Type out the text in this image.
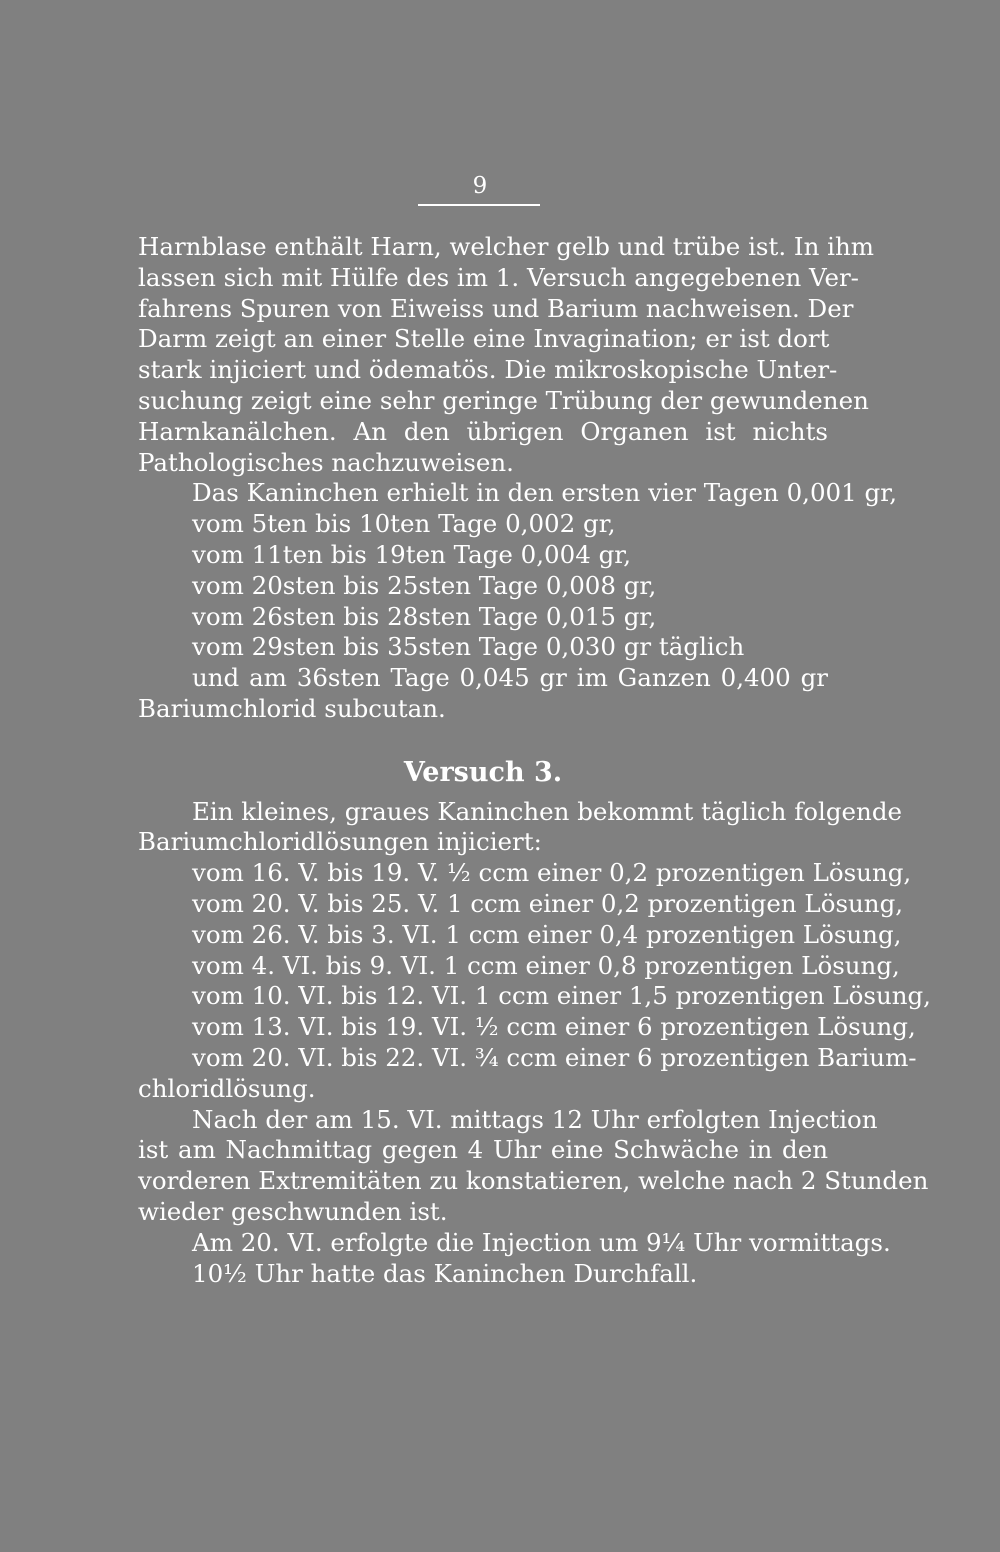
9
Harnblase enthält Harn, welcher gelb und trübe ist. In ihm
lassen sich mit Hülfe des im 1. Versuch angegebenen Ver-
fahrens Spuren von Eiweiss und Barium nachweisen. Der
Darm zeigt an einer Stelle eine Invagination; er ist dort
stark injiciert und ödematös. Die mikroskopische Unter-
suchung zeigt eine sehr geringe Trübung der gewundenen
Harnkanälchen. An den übrigen Organen ist nichts
Pathologisches nachzuweisen.
Das Kaninchen erhielt in den ersten vier Tagen 0,001 gr,
vom 5ten bis 10ten Tage 0,002 gr,
vom 11ten bis 19ten Tage 0,004 gr,
vom 20sten bis 25sten Tage 0,008 gr,
vom 26sten bis 28sten Tage 0,015 gr,
vom 29sten bis 35sten Tage 0,030 gr täglich
und am 36sten Tage 0,045 gr im Ganzen 0,400 gr
Bariumchlorid subcutan.
Versuch 3.
Ein kleines, graues Kaninchen bekommt täglich folgende
Bariumchloridlösungen injiciert:
vom 16. V. bis 19. V. ½ ccm einer 0,2 prozentigen Lösung,
vom 20. V. bis 25. V. 1 ccm einer 0,2 prozentigen Lösung,
vom 26. V. bis 3. VI. 1 ccm einer 0,4 prozentigen Lösung,
vom 4. VI. bis 9. VI. 1 ccm einer 0,8 prozentigen Lösung,
vom 10. VI. bis 12. VI. 1 ccm einer 1,5 prozentigen Lösung,
vom 13. VI. bis 19. VI. ½ ccm einer 6 prozentigen Lösung,
vom 20. VI. bis 22. VI. ¾ ccm einer 6 prozentigen Barium-
chloridlösung.
Nach der am 15. VI. mittags 12 Uhr erfolgten Injection
ist am Nachmittag gegen 4 Uhr eine Schwäche in den
vorderen Extremitäten zu konstatieren, welche nach 2 Stunden
wieder geschwunden ist.
Am 20. VI. erfolgte die Injection um 9¼ Uhr vormittags.
10½ Uhr hatte das Kaninchen Durchfall.
